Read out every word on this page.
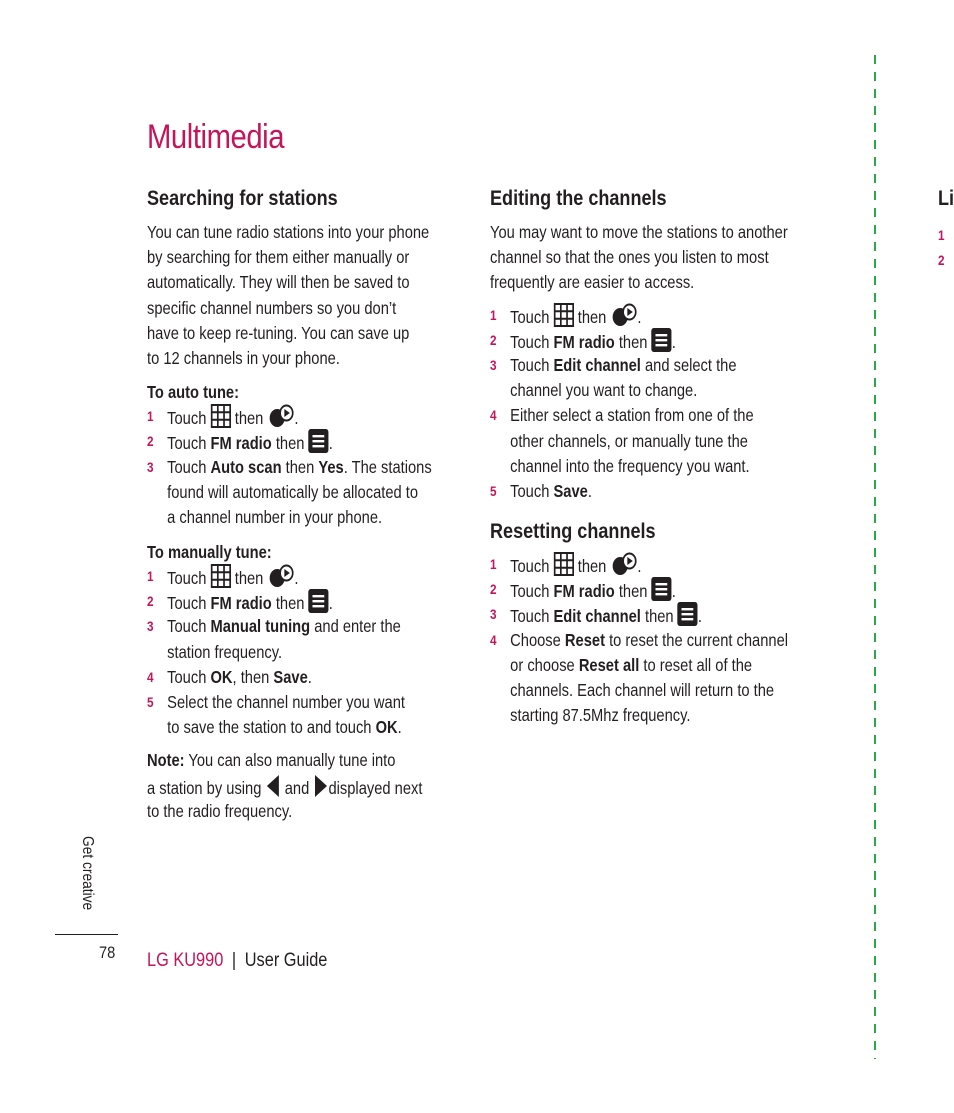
Multimedia
Searching for stations
You can tune radio stations into your phone
by searching for them either manually or
automatically. They will then be saved to
specific channel numbers so you don’t
have to keep re-tuning. You can save up
to 12 channels in your phone.
To auto tune:
1 Touch then .
2 Touch FM radio then .
3 Touch Auto scan then Yes. The stations
found will automatically be allocated to
a channel number in your phone.
To manually tune:
1 Touch then .
2 Touch FM radio then .
3 Touch Manual tuning and enter the
station frequency.
4 Touch OK, then Save.
5 Select the channel number you want
to save the station to and touch OK.
Note: You can also manually tune into
a station by using and displayed next
to the radio frequency.
Editing the channels
You may want to move the stations to another
channel so that the ones you listen to most
frequently are easier to access.
1 Touch then .
2 Touch FM radio then .
3 Touch Edit channel and select the
channel you want to change.
4 Either select a station from one of the
other channels, or manually tune the
channel into the frequency you want.
5 Touch Save.
Resetting channels
1 Touch then .
2 Touch FM radio then .
3 Touch Edit channel then .
4 Choose Reset to reset the current channel
or choose Reset all to reset all of the
channels. Each channel will return to the
starting 87.5Mhz frequency.
Li
1
2
Get creative
78 LG KU990 | User Guide
